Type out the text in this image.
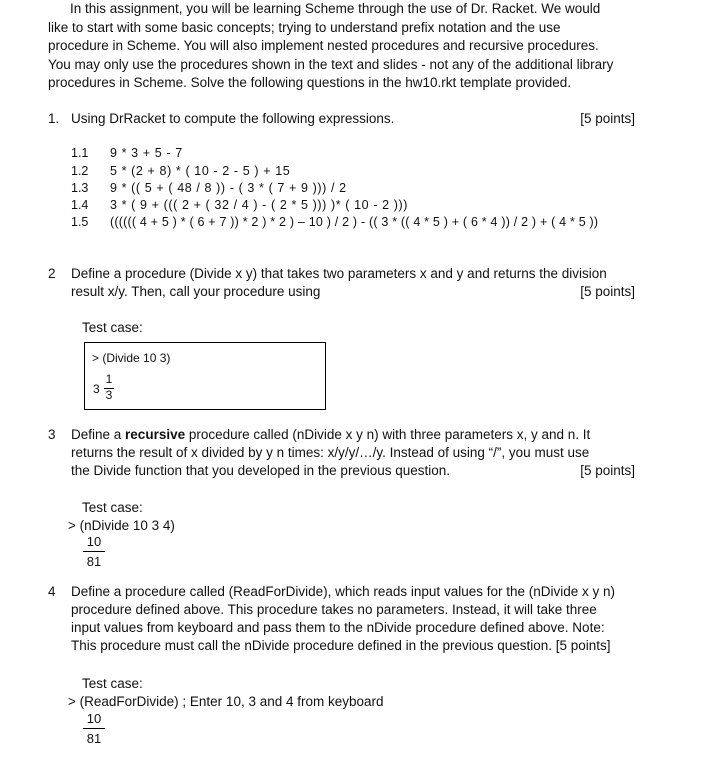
In this assignment, you will be learning Scheme through the use of Dr. Racket. We would
like to start with some basic concepts; trying to understand prefix notation and the use
procedure in Scheme. You will also implement nested procedures and recursive procedures.
You may only use the procedures shown in the text and slides - not any of the additional library
procedures in Scheme. Solve the following questions in the hw10.rkt template provided.
1. Using DrRacket to compute the following expressions.	[5 points]
1.1 9 * 3 + 5 - 7
1.2 5 * (2 + 8) * ( 10 - 2 - 5 ) + 15
1.3 9 * (( 5 + ( 48 / 8 )) - ( 3 * ( 7 + 9 ))) / 2
1.4 3 * ( 9 + ((( 2 + ( 32 / 4 ) - ( 2 * 5 ))) )* ( 10 - 2 )))
1.5 (((((( 4 + 5 ) * ( 6 + 7 )) * 2 ) * 2 ) – 10 ) / 2 ) - (( 3 * (( 4 * 5 ) + ( 6 * 4 )) / 2 ) + ( 4 * 5 ))
2 Define a procedure (Divide x y) that takes two parameters x and y and returns the division
result x/y. Then, call your procedure using	[5 points]
Test case:
> (Divide 10 3)
3
1
3
3 Define a recursive procedure called (nDivide x y n) with three parameters x, y and n. It
returns the result of x divided by y n times: x/y/y/…/y. Instead of using “/”, you must use
the Divide function that you developed in the previous question.	[5 points]
Test case:
> (nDivide 10 3 4)
10
81
4 Define a procedure called (ReadForDivide), which reads input values for the (nDivide x y n)
procedure defined above. This procedure takes no parameters. Instead, it will take three
input values from keyboard and pass them to the nDivide procedure defined above. Note:
This procedure must call the nDivide procedure defined in the previous question. [5 points]
Test case:
> (ReadForDivide) ; Enter 10, 3 and 4 from keyboard
10
81
